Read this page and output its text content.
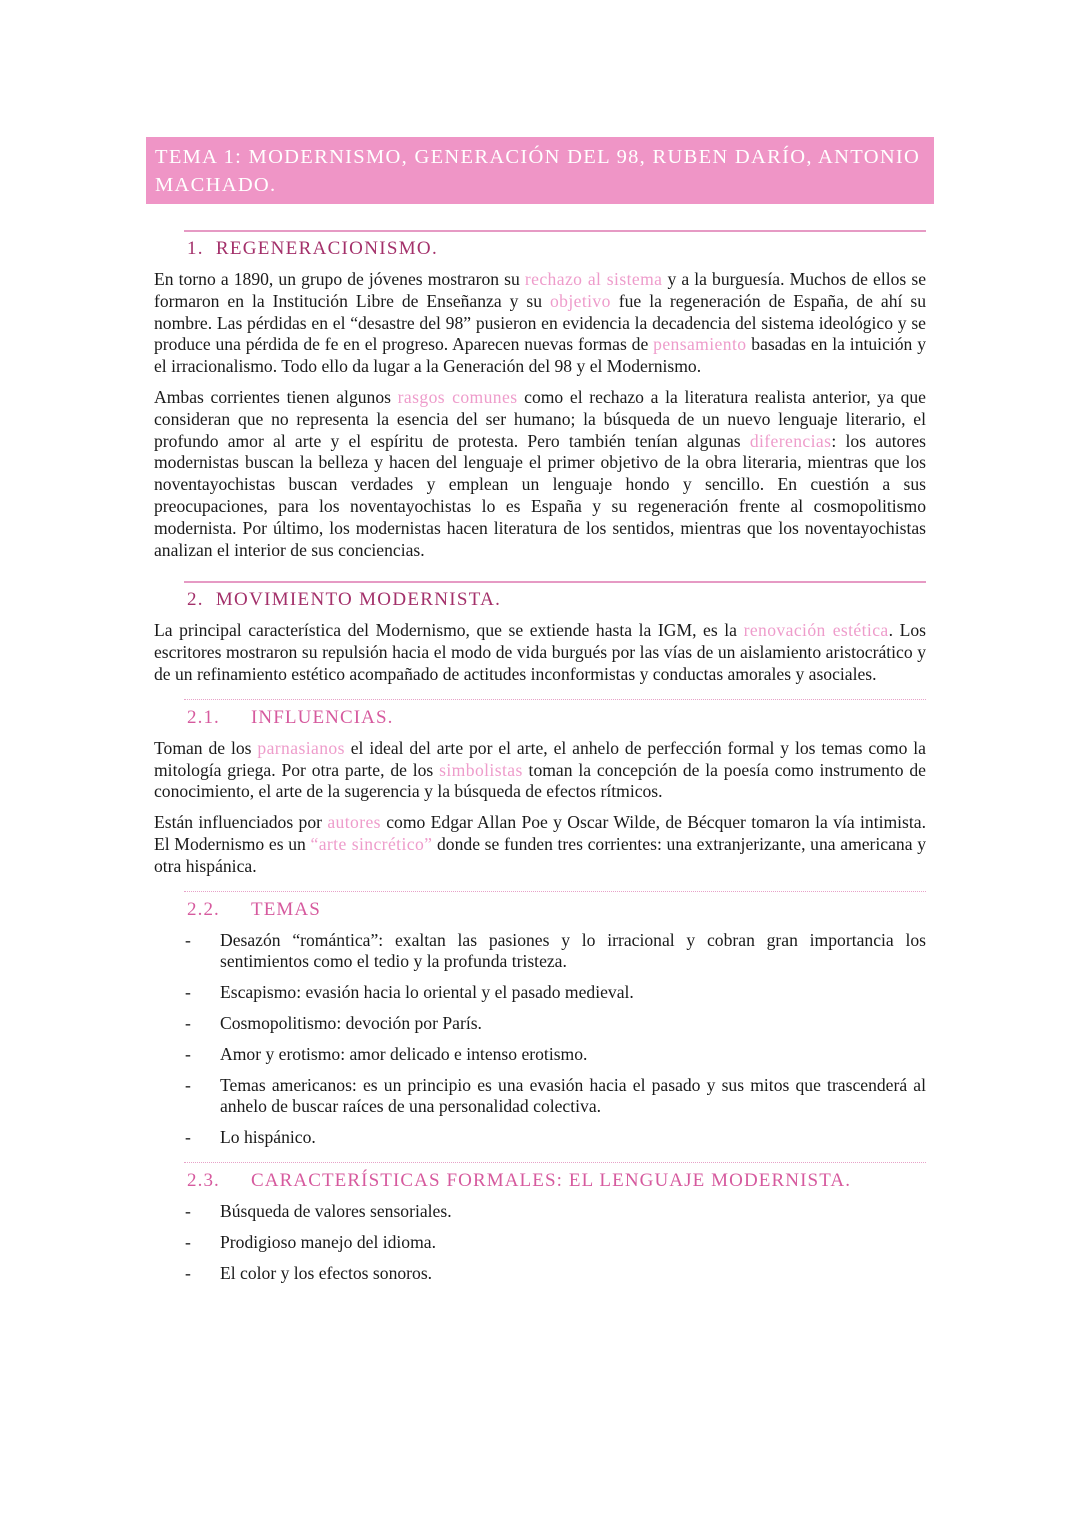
TEMA 1: MODERNISMO, GENERACIÓN DEL 98, RUBEN DARÍO, ANTONIO MACHADO.
1. REGENERACIONISMO.

En torno a 1890, un grupo de jóvenes mostraron su rechazo al sistema y a la burguesía. Muchos de ellos se formaron en la Institución Libre de Enseñanza y su objetivo fue la regeneración de España, de ahí su nombre. Las pérdidas en el “desastre del 98” pusieron en evidencia la decadencia del sistema ideológico y se produce una pérdida de fe en el progreso. Aparecen nuevas formas de pensamiento basadas en la intuición y el irracionalismo. Todo ello da lugar a la Generación del 98 y el Modernismo.

Ambas corrientes tienen algunos rasgos comunes como el rechazo a la literatura realista anterior, ya que consideran que no representa la esencia del ser humano; la búsqueda de un nuevo lenguaje literario, el profundo amor al arte y el espíritu de protesta. Pero también tenían algunas diferencias: los autores modernistas buscan la belleza y hacen del lenguaje el primer objetivo de la obra literaria, mientras que los noventayochistas buscan verdades y emplean un lenguaje hondo y sencillo. En cuestión a sus preocupaciones, para los noventayochistas lo es España y su regeneración frente al cosmopolitismo modernista. Por último, los modernistas hacen literatura de los sentidos, mientras que los noventayochistas analizan el interior de sus conciencias.

2. MOVIMIENTO MODERNISTA.

La principal característica del Modernismo, que se extiende hasta la IGM, es la renovación estética. Los escritores mostraron su repulsión hacia el modo de vida burgués por las vías de un aislamiento aristocrático y de un refinamiento estético acompañado de actitudes inconformistas y conductas amorales y asociales.

2.1. INFLUENCIAS.

Toman de los parnasianos el ideal del arte por el arte, el anhelo de perfección formal y los temas como la mitología griega. Por otra parte, de los simbolistas toman la concepción de la poesía como instrumento de conocimiento, el arte de la sugerencia y la búsqueda de efectos rítmicos.

Están influenciados por autores como Edgar Allan Poe y Oscar Wilde, de Bécquer tomaron la vía intimista. El Modernismo es un “arte sincrético” donde se funden tres corrientes: una extranjerizante, una americana y otra hispánica.

2.2. TEMAS
- Desazón “romántica”: exaltan las pasiones y lo irracional y cobran gran importancia los sentimientos como el tedio y la profunda tristeza.
- Escapismo: evasión hacia lo oriental y el pasado medieval.
- Cosmopolitismo: devoción por París.
- Amor y erotismo: amor delicado e intenso erotismo.
- Temas americanos: es un principio es una evasión hacia el pasado y sus mitos que trascenderá al anhelo de buscar raíces de una personalidad colectiva.
- Lo hispánico.
2.3. CARACTERÍSTICAS FORMALES: EL LENGUAJE MODERNISTA.
- Búsqueda de valores sensoriales.
- Prodigioso manejo del idioma.
- El color y los efectos sonoros.
